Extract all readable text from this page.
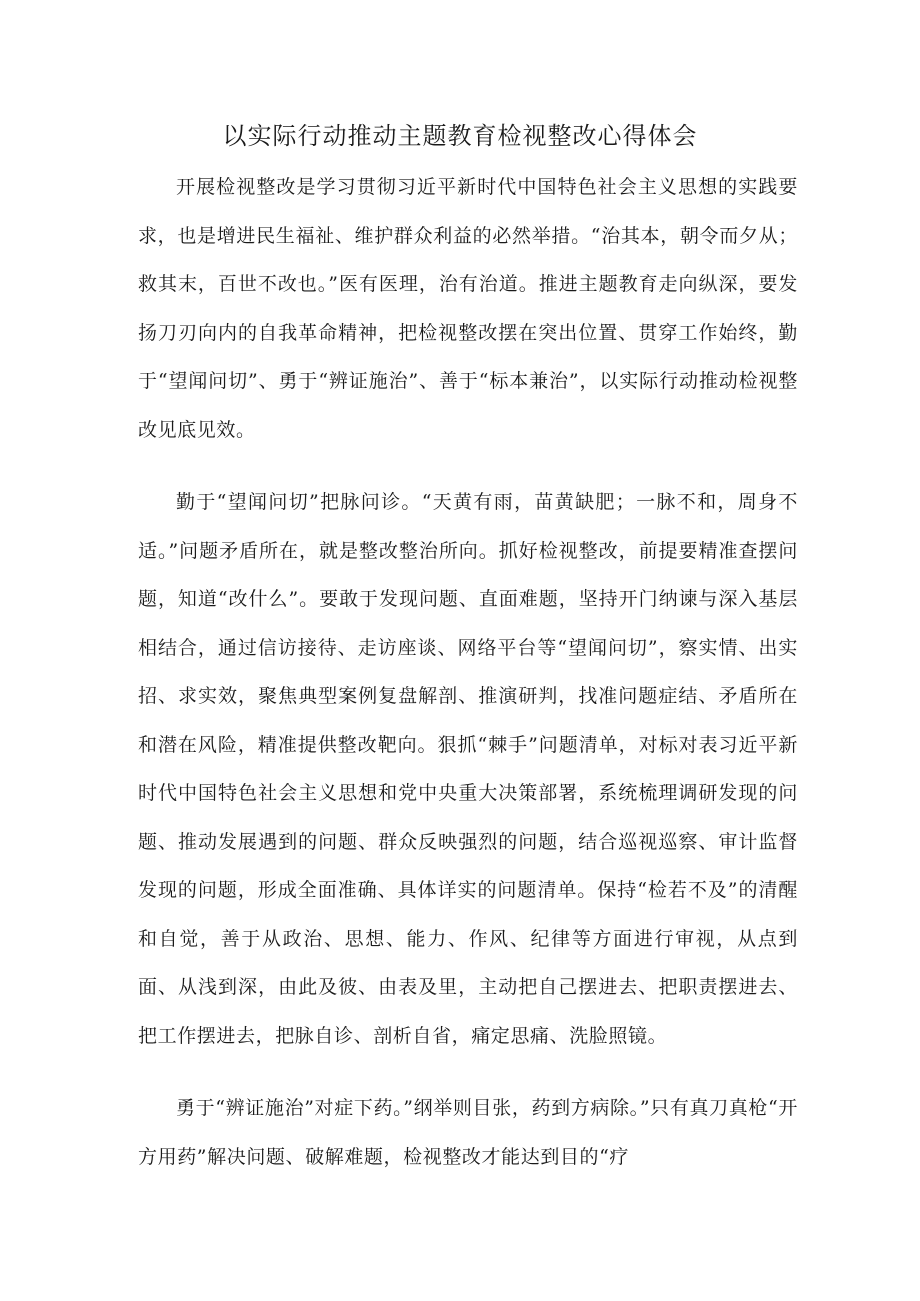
以实际行动推动主题教育检视整改心得体会

开展检视整改是学习贯彻习近平新时代中国特色社会主义思想的实践要求，也是增进民生福祉、维护群众利益的必然举措。“治其本，朝令而夕从；救其末，百世不改也。”医有医理，治有治道。推进主题教育走向纵深，要发扬刀刃向内的自我革命精神，把检视整改摆在突出位置、贯穿工作始终，勤于“望闻问切”、勇于“辨证施治”、善于“标本兼治”，以实际行动推动检视整改见底见效。

勤于“望闻问切”把脉问诊。“天黄有雨，苗黄缺肥；一脉不和，周身不适。”问题矛盾所在，就是整改整治所向。抓好检视整改，前提要精准查摆问题，知道“改什么”。要敢于发现问题、直面难题，坚持开门纳谏与深入基层相结合，通过信访接待、走访座谈、网络平台等“望闻问切”，察实情、出实招、求实效，聚焦典型案例复盘解剖、推演研判，找准问题症结、矛盾所在和潜在风险，精准提供整改靶向。狠抓“棘手”问题清单，对标对表习近平新时代中国特色社会主义思想和党中央重大决策部署，系统梳理调研发现的问题、推动发展遇到的问题、群众反映强烈的问题，结合巡视巡察、审计监督发现的问题，形成全面准确、具体详实的问题清单。保持“检若不及”的清醒和自觉，善于从政治、思想、能力、作风、纪律等方面进行审视，从点到面、从浅到深，由此及彼、由表及里，主动把自己摆进去、把职责摆进去、把工作摆进去，把脉自诊、剖析自省，痛定思痛、洗脸照镜。

勇于“辨证施治”对症下药。”纲举则目张，药到方病除。”只有真刀真枪“开方用药”解决问题、破解难题，检视整改才能达到目的“疗
